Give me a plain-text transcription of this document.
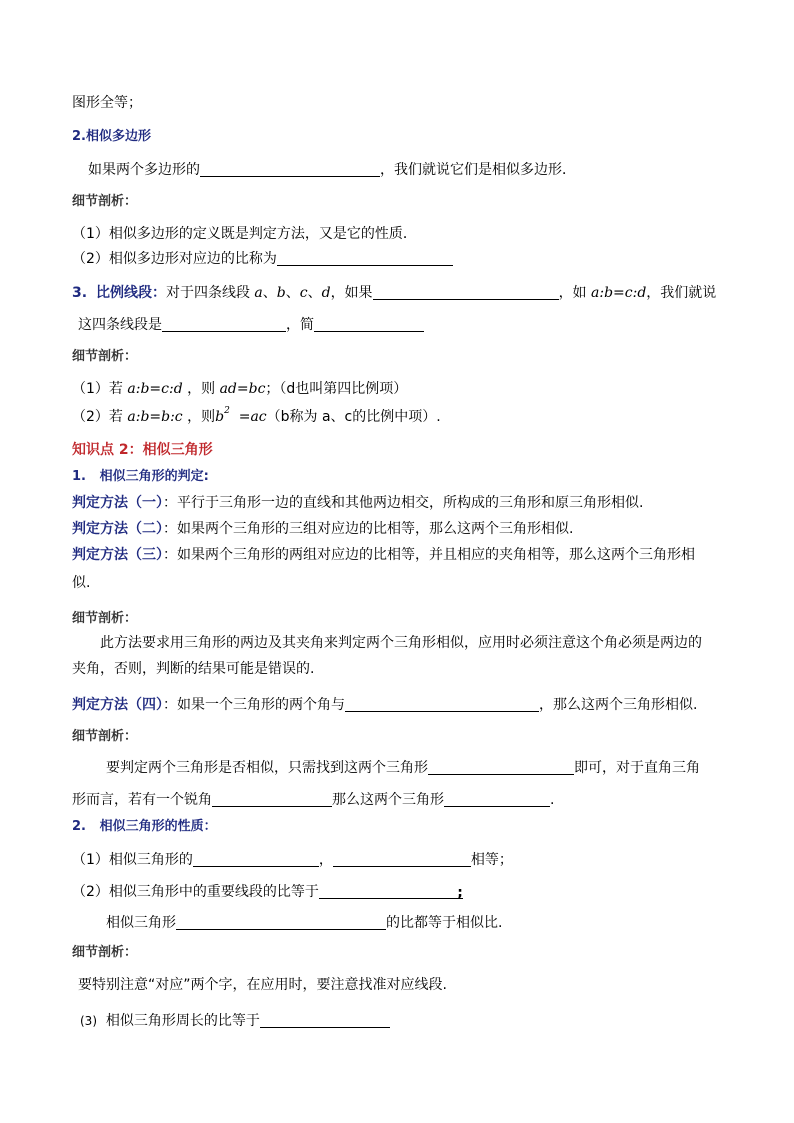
图形全等；
2.相似多边形
如果两个多边形的	，我们就说它们是相似多边形．
细节剖析：
（1）相似多边形的定义既是判定方法，又是它的性质．
（2）相似多边形对应边的比称为
3. 比例线段：对于四条线段 a、b、c、d，如果	，如 a:b=c:d，我们就说
这四条线段是	，简
细节剖析：
（1）若 a:b=c:d ，则 ad=bc；（d也叫第四比例项）
（2）若 a:b=b:c ，则$b^2 =ac(b$称为 a、c的比例中项）.
知识点 2：相似三角形
1. 相似三角形的判定:
判定方法（一）：平行于三角形一边的直线和其他两边相交，所构成的三角形和原三角形相似.
判定方法（二）：如果两个三角形的三组对应边的比相等，那么这两个三角形相似.
判定方法（三）：如果两个三角形的两组对应边的比相等，并且相应的夹角相等，那么这两个三角形相
似.
细节剖析：
此方法要求用三角形的两边及其夹角来判定两个三角形相似，应用时必须注意这个角必须是两边的
夹角，否则，判断的结果可能是错误的.
判定方法（四）：如果一个三角形的两个角与	，那么这两个三角形相似.
细节剖析：
要判定两个三角形是否相似，只需找到这两个三角形	即可，对于直角三角
形而言，若有一个锐角	那么这两个三角形	.
2. 相似三角形的性质：
（1）相似三角形的	，	相等；
（2）相似三角形中的重要线段的比等于	;
相似三角形	的比都等于相似比.
细节剖析：
要特别注意“对应”两个字，在应用时，要注意找准对应线段.
(3) 相似三角形周长的比等于
